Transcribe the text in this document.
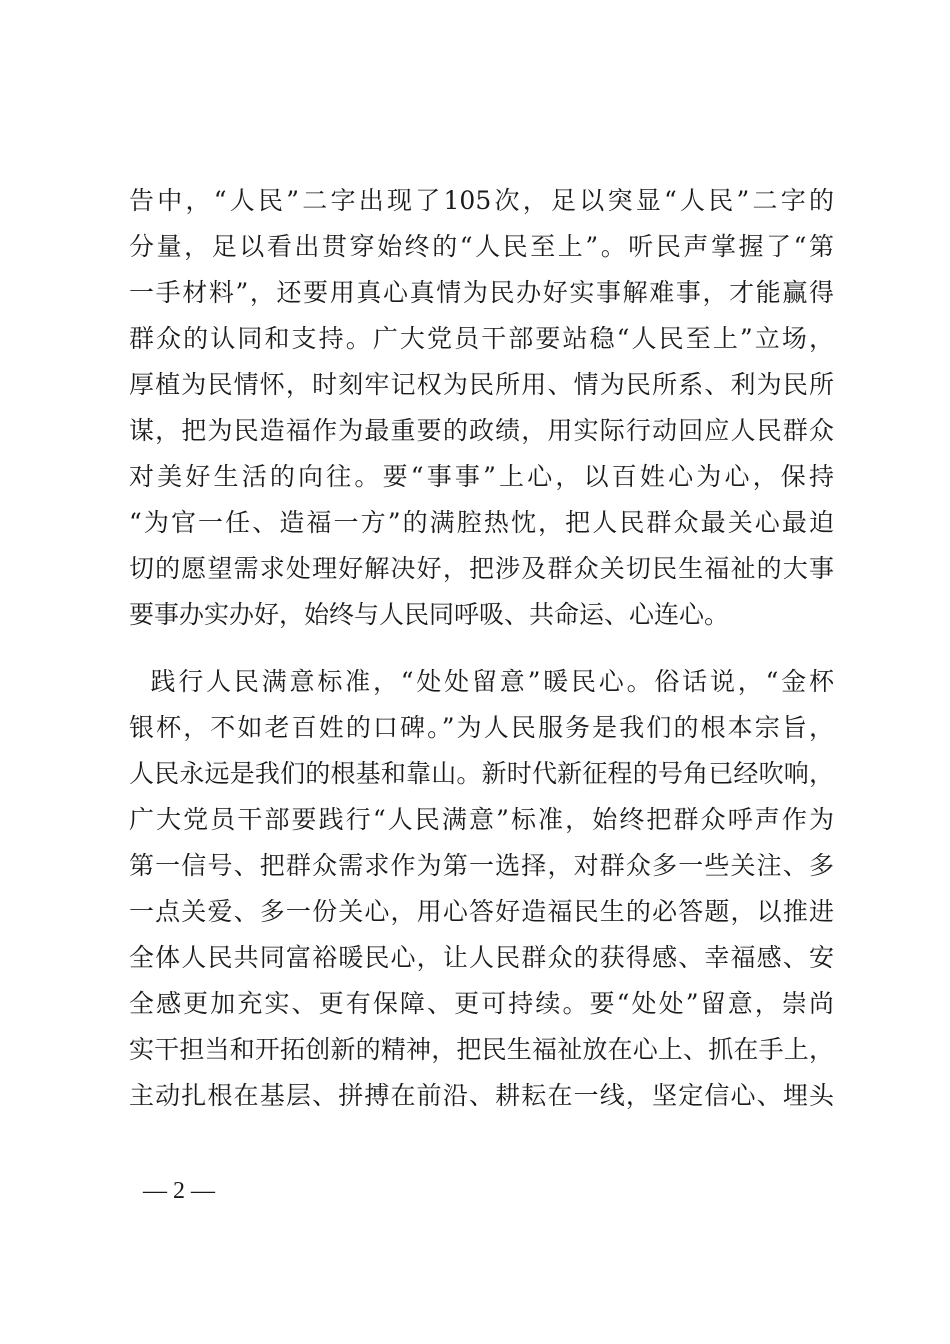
告中，“人民”二字出现了105次，足以突显“人民”二字的
分量，足以看出贯穿始终的“人民至上”。听民声掌握了“第
一手材料”，还要用真心真情为民办好实事解难事，才能赢得
群众的认同和支持。广大党员干部要站稳“人民至上”立场，
厚植为民情怀，时刻牢记权为民所用、情为民所系、利为民所
谋，把为民造福作为最重要的政绩，用实际行动回应人民群众
对美好生活的向往。要“事事”上心，以百姓心为心，保持
“为官一任、造福一方”的满腔热忱，把人民群众最关心最迫
切的愿望需求处理好解决好，把涉及群众关切民生福祉的大事
要事办实办好，始终与人民同呼吸、共命运、心连心。
践行人民满意标准，“处处留意”暖民心。俗话说，“金杯
银杯，不如老百姓的口碑。”为人民服务是我们的根本宗旨，
人民永远是我们的根基和靠山。新时代新征程的号角已经吹响，
广大党员干部要践行“人民满意”标准，始终把群众呼声作为
第一信号、把群众需求作为第一选择，对群众多一些关注、多
一点关爱、多一份关心，用心答好造福民生的必答题，以推进
全体人民共同富裕暖民心，让人民群众的获得感、幸福感、安
全感更加充实、更有保障、更可持续。要“处处”留意，崇尚
实干担当和开拓创新的精神，把民生福祉放在心上、抓在手上，
主动扎根在基层、拼搏在前沿、耕耘在一线，坚定信心、埋头
— 2 —
